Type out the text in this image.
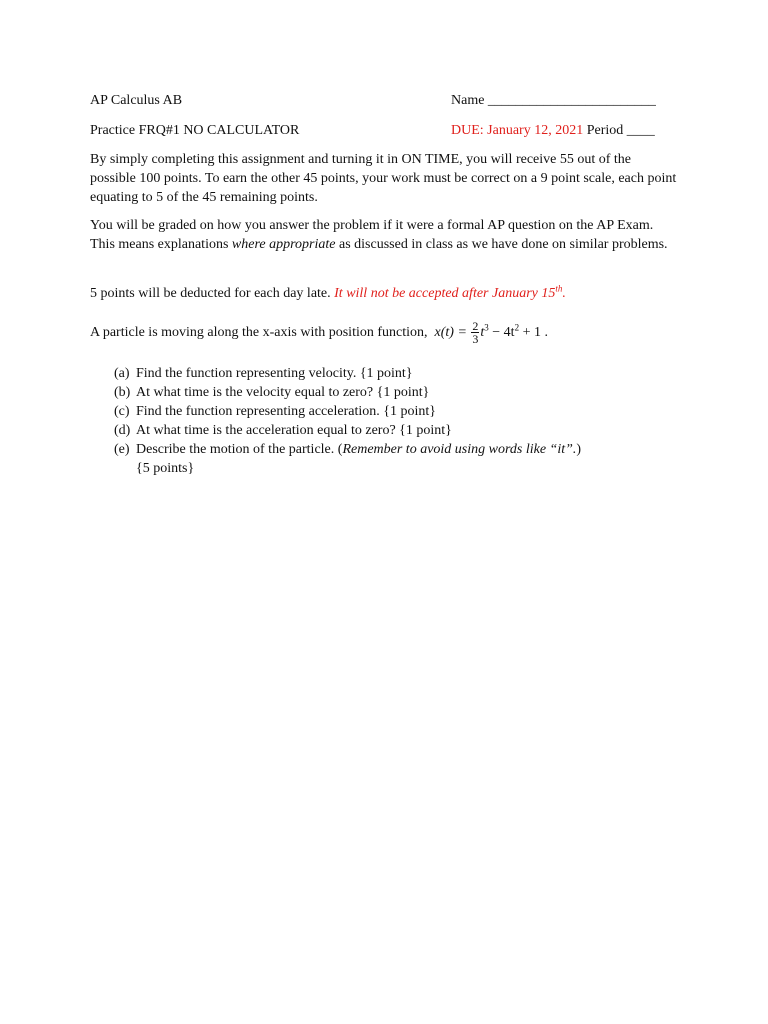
AP Calculus AB	Name ________________________
Practice FRQ#1 NO CALCULATOR	DUE: January 12, 2021 Period ____

By simply completing this assignment and turning it in ON TIME, you will receive 55 out of the possible 100 points. To earn the other 45 points, your work must be correct on a 9 point scale, each point equating to 5 of the 45 remaining points.

You will be graded on how you answer the problem if it were a formal AP question on the AP Exam. This means explanations where appropriate as discussed in class as we have done on similar problems.

5 points will be deducted for each day late. It will not be accepted after January 15th.

A particle is moving along the x-axis with position function, $x(t) = \frac{2}{3} t^3 - 4t^2 + 1$ .

(a) Find the function representing velocity. {1 point}
(b) At what time is the velocity equal to zero? {1 point}
(c) Find the function representing acceleration. {1 point}
(d) At what time is the acceleration equal to zero? {1 point}
(e) Describe the motion of the particle. (Remember to avoid using words like “it”.)
{5 points}
